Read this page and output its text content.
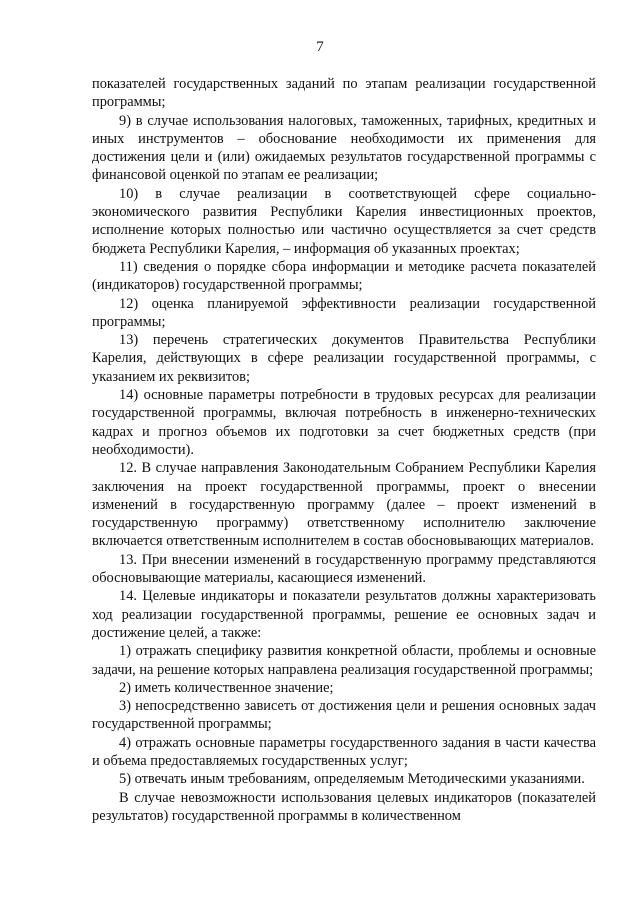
7

показателей государственных заданий по этапам реализации государственной программы;

9) в случае использования налоговых, таможенных, тарифных, кредитных и иных инструментов – обоснование необходимости их применения для достижения цели и (или) ожидаемых результатов государственной программы с финансовой оценкой по этапам ее реализации;

10) в случае реализации в соответствующей сфере социально-экономического развития Республики Карелия инвестиционных проектов, исполнение которых полностью или частично осуществляется за счет средств бюджета Республики Карелия, – информация об указанных проектах;

11) сведения о порядке сбора информации и методике расчета показателей (индикаторов) государственной программы;

12) оценка планируемой эффективности реализации государственной программы;

13) перечень стратегических документов Правительства Республики Карелия, действующих в сфере реализации государственной программы, с указанием их реквизитов;

14) основные параметры потребности в трудовых ресурсах для реализации государственной программы, включая потребность в инженерно-технических кадрах и прогноз объемов их подготовки за счет бюджетных средств (при необходимости).

12. В случае направления Законодательным Собранием Республики Карелия заключения на проект государственной программы, проект о внесении изменений в государственную программу (далее – проект изменений в государственную программу) ответственному исполнителю заключение включается ответственным исполнителем в состав обосновывающих материалов.

13. При внесении изменений в государственную программу представляются обосновывающие материалы, касающиеся изменений.

14. Целевые индикаторы и показатели результатов должны характеризовать ход реализации государственной программы, решение ее основных задач и достижение целей, а также:

1) отражать специфику развития конкретной области, проблемы и основные задачи, на решение которых направлена реализация государственной программы;

2) иметь количественное значение;

3) непосредственно зависеть от достижения цели и решения основных задач государственной программы;

4) отражать основные параметры государственного задания в части качества и объема предоставляемых государственных услуг;

5) отвечать иным требованиям, определяемым Методическими указаниями.

В случае невозможности использования целевых индикаторов (показателей результатов) государственной программы в количественном
